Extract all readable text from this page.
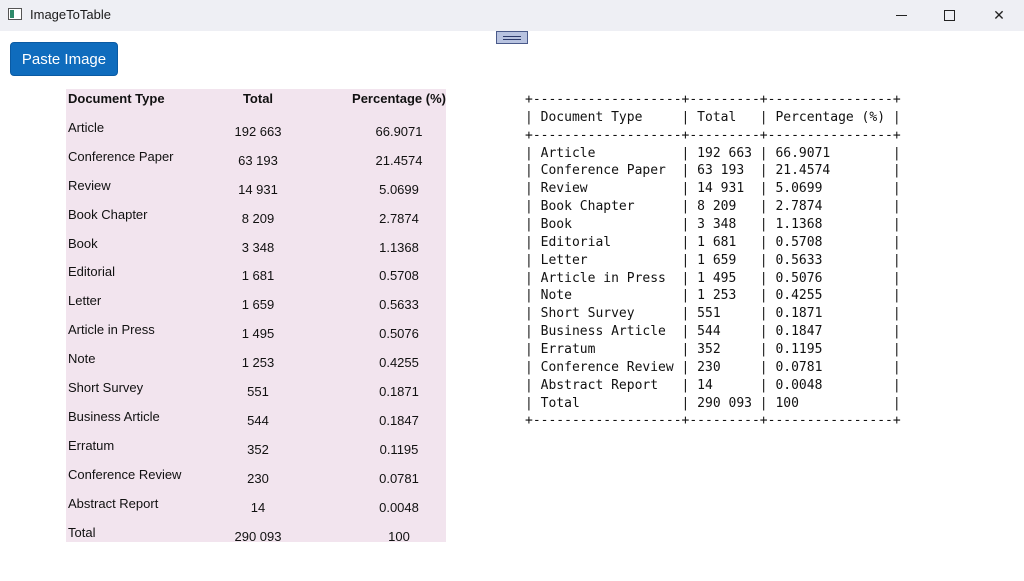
ImageToTable	✕
Paste Image
Document Type	Total	Percentage (%)
Article	192 663	66.9071
Conference Paper	63 193	21.4574
Review	14 931	5.0699
Book Chapter	8 209	2.7874
Book	3 348	1.1368
Editorial	1 681	0.5708
Letter	1 659	0.5633
Article in Press	1 495	0.5076
Note	1 253	0.4255
Short Survey	551	0.1871
Business Article	544	0.1847
Erratum	352	0.1195
Conference Review	230	0.0781
Abstract Report	14	0.0048
Total	290 093	100
+-------------------+---------+----------------+
| Document Type     | Total   | Percentage (%) |
+-------------------+---------+----------------+
| Article           | 192 663 | 66.9071        |
| Conference Paper  | 63 193  | 21.4574        |
| Review            | 14 931  | 5.0699         |
| Book Chapter      | 8 209   | 2.7874         |
| Book              | 3 348   | 1.1368         |
| Editorial         | 1 681   | 0.5708         |
| Letter            | 1 659   | 0.5633         |
| Article in Press  | 1 495   | 0.5076         |
| Note              | 1 253   | 0.4255         |
| Short Survey      | 551     | 0.1871         |
| Business Article  | 544     | 0.1847         |
| Erratum           | 352     | 0.1195         |
| Conference Review | 230     | 0.0781         |
| Abstract Report   | 14      | 0.0048         |
| Total             | 290 093 | 100            |
+-------------------+---------+----------------+
